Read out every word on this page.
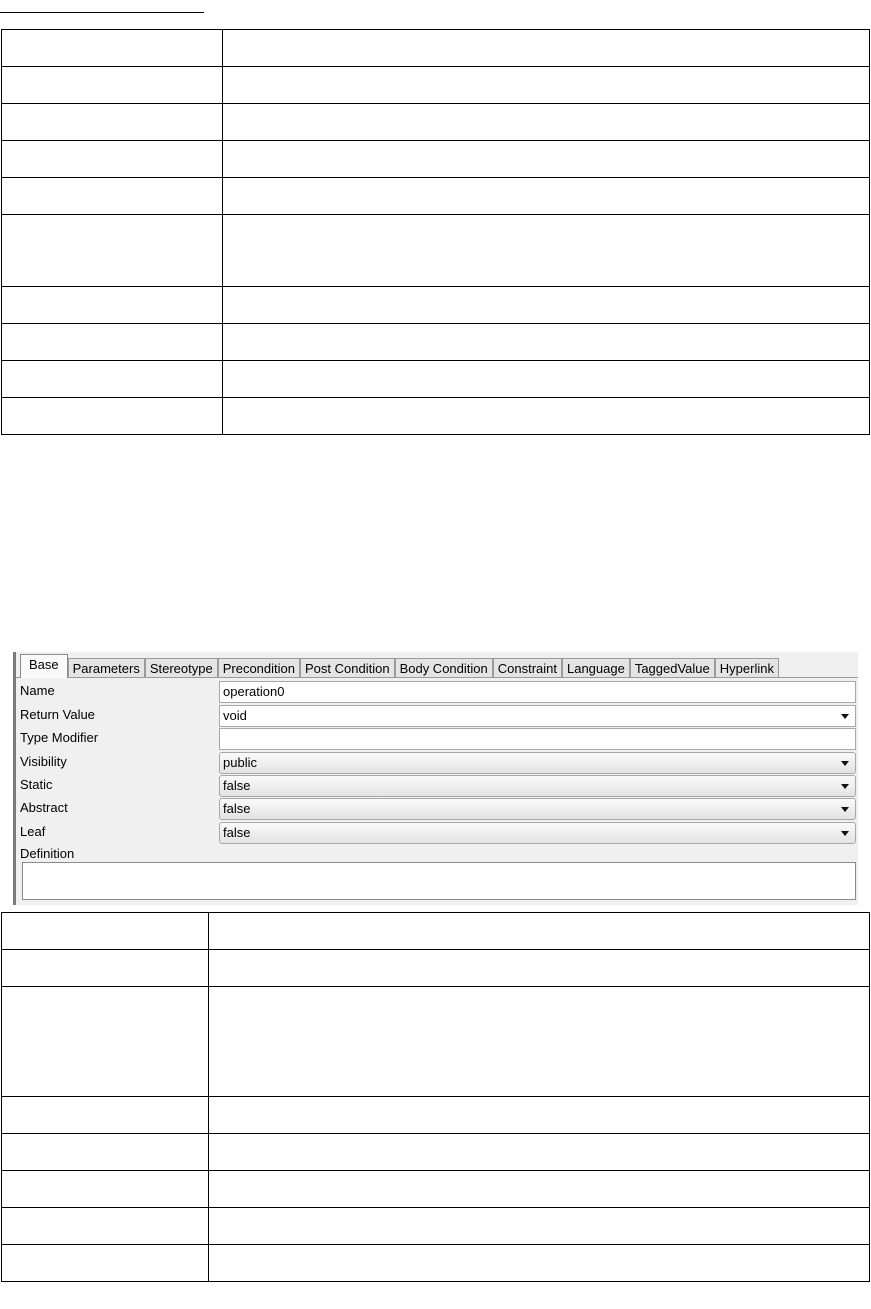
Base	Parameters Stereotype Precondition Post Condition Body Condition Constraint Language TaggedValue Hyperlink
Name	operation0
Return Value	void
Type Modifier
Visibility	public
Static	false
Abstract	false
Leaf	false
Definition
